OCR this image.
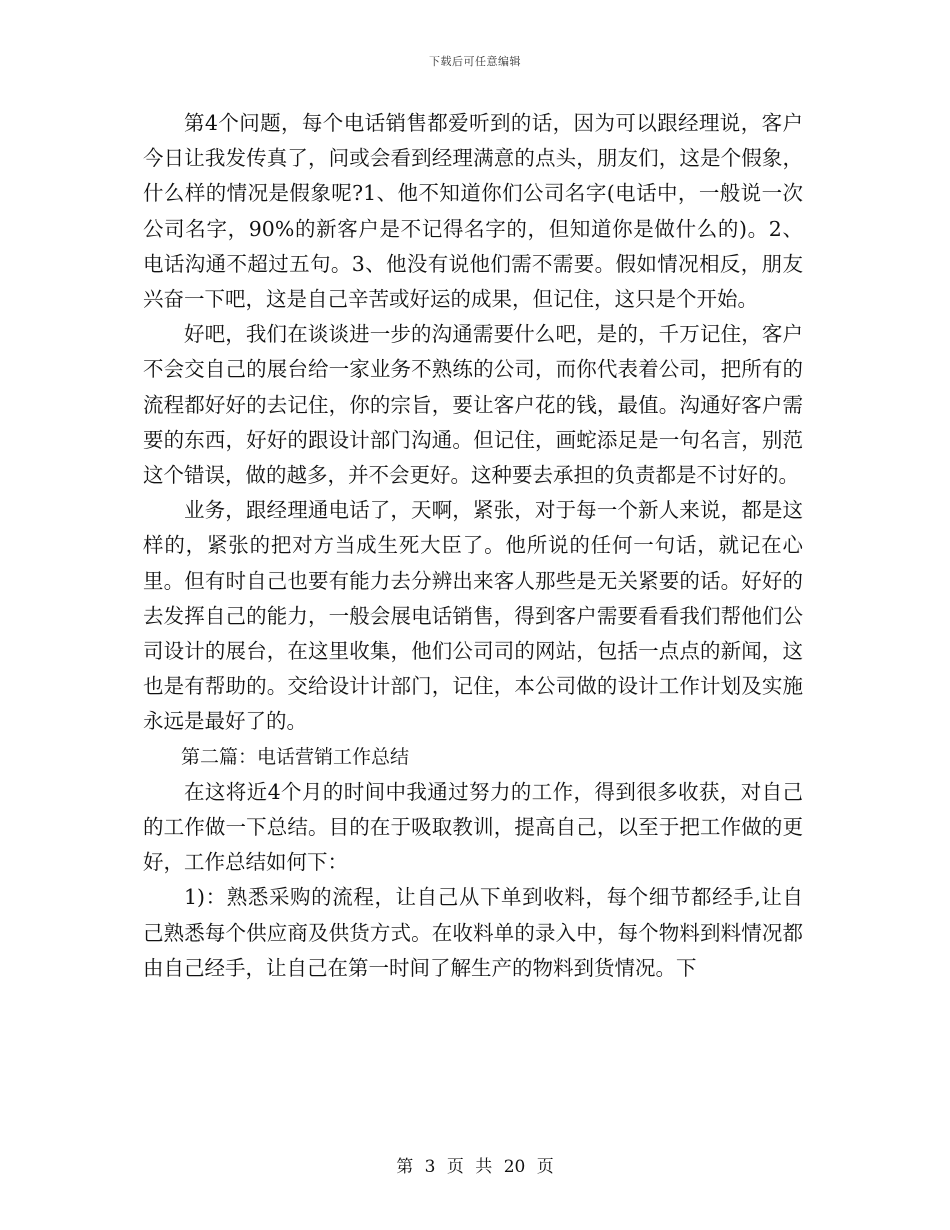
下载后可任意编辑

第4个问题，每个电话销售都爱听到的话，因为可以跟经理说，客户今日让我发传真了，问或会看到经理满意的点头，朋友们，这是个假象，什么样的情况是假象呢?1、他不知道你们公司名字(电话中，一般说一次公司名字，90%的新客户是不记得名字的，但知道你是做什么的)。2、电话沟通不超过五句。3、他没有说他们需不需要。假如情况相反，朋友兴奋一下吧，这是自己辛苦或好运的成果，但记住，这只是个开始。

好吧，我们在谈谈进一步的沟通需要什么吧，是的，千万记住，客户不会交自己的展台给一家业务不熟练的公司，而你代表着公司，把所有的流程都好好的去记住，你的宗旨，要让客户花的钱，最值。沟通好客户需要的东西，好好的跟设计部门沟通。但记住，画蛇添足是一句名言，别范这个错误，做的越多，并不会更好。这种要去承担的负责都是不讨好的。

业务，跟经理通电话了，天啊，紧张，对于每一个新人来说，都是这样的，紧张的把对方当成生死大臣了。他所说的任何一句话，就记在心里。但有时自己也要有能力去分辨出来客人那些是无关紧要的话。好好的去发挥自己的能力，一般会展电话销售，得到客户需要看看我们帮他们公司设计的展台，在这里收集，他们公司司的网站，包括一点点的新闻，这也是有帮助的。交给设计计部门，记住，本公司做的设计工作计划及实施永远是最好了的。

第二篇：电话营销工作总结

在这将近4个月的时间中我通过努力的工作，得到很多收获，对自己的工作做一下总结。目的在于吸取教训，提高自己，以至于把工作做的更好，工作总结如何下：

1)：熟悉采购的流程，让自己从下单到收料，每个细节都经手,让自己熟悉每个供应商及供货方式。在收料单的录入中，每个物料到料情况都由自己经手，让自己在第一时间了解生产的物料到货情况。下

第 3 页 共 20 页
